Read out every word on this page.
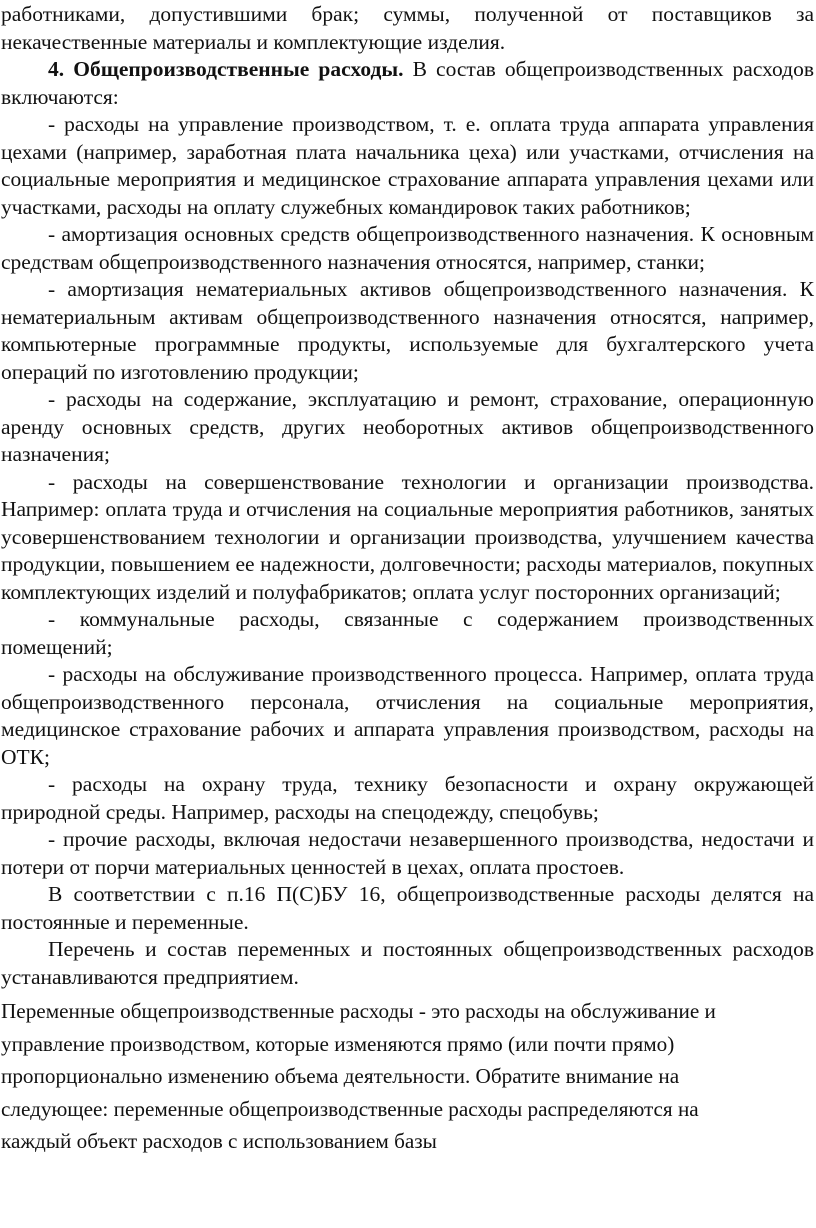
работниками, допустившими брак; суммы, полученной от поставщиков за некачественные материалы и комплектующие изделия.

4. Общепроизводственные расходы. В состав общепроизводственных расходов включаются:

- расходы на управление производством, т. е. оплата труда аппарата управления цехами (например, заработная плата начальника цеха) или участками, отчисления на социальные мероприятия и медицинское страхование аппарата управления цехами или участками, расходы на оплату служебных командировок таких работников;

- амортизация основных средств общепроизводственного назначения. К основным средствам общепроизводственного назначения относятся, например, станки;

- амортизация нематериальных активов общепроизводственного назначения. К нематериальным активам общепроизводственного назначения относятся, например, компьютерные программные продукты, используемые для бухгалтерского учета операций по изготовлению продукции;

- расходы на содержание, эксплуатацию и ремонт, страхование, операционную аренду основных средств, других необоротных активов общепроизводственного назначения;

- расходы на совершенствование технологии и организации производства. Например: оплата труда и отчисления на социальные мероприятия работников, занятых усовершенствованием технологии и организации производства, улучшением качества продукции, повышением ее надежности, долговечности; расходы материалов, покупных комплектующих изделий и полуфабрикатов; оплата услуг посторонних организаций;

- коммунальные расходы, связанные с содержанием производственных помещений;

- расходы на обслуживание производственного процесса. Например, оплата труда общепроизводственного персонала, отчисления на социальные мероприятия, медицинское страхование рабочих и аппарата управления производством, расходы на ОТК;

- расходы на охрану труда, технику безопасности и охрану окружающей природной среды. Например, расходы на спецодежду, спецобувь;

- прочие расходы, включая недостачи незавершенного производства, недостачи и потери от порчи материальных ценностей в цехах, оплата простоев.

В соответствии с п.16 П(С)БУ 16, общепроизводственные расходы делятся на постоянные и переменные.

Перечень и состав переменных и постоянных общепроизводственных расходов устанавливаются предприятием.

Переменные общепроизводственные расходы - это расходы на обслуживание и
управление производством, которые изменяются прямо (или почти прямо)
пропорционально изменению объема деятельности. Обратите внимание на
следующее: переменные общепроизводственные расходы распределяются на
каждый объект расходов с использованием базы
